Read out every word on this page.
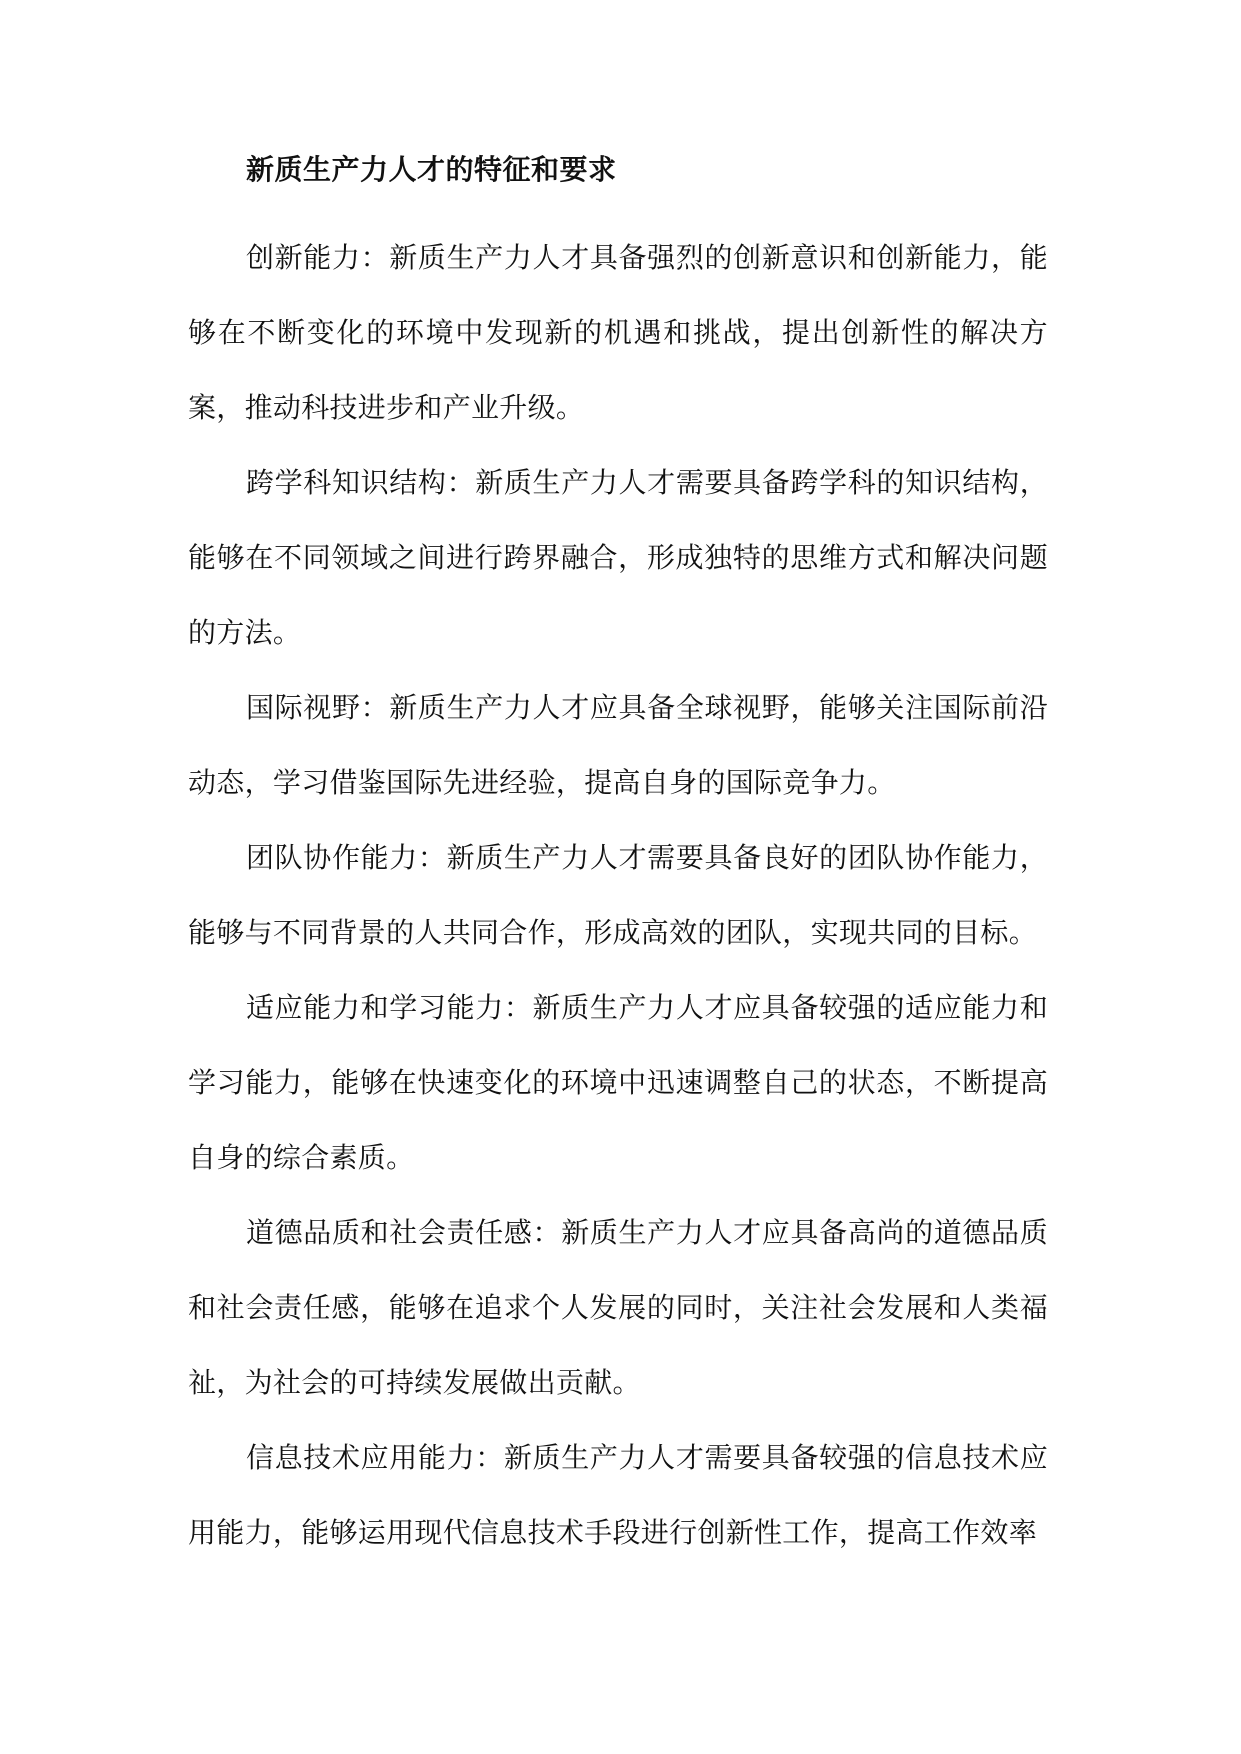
新质生产力人才的特征和要求

创新能力：新质生产力人才具备强烈的创新意识和创新能力，能够在不断变化的环境中发现新的机遇和挑战，提出创新性的解决方案，推动科技进步和产业升级。

跨学科知识结构：新质生产力人才需要具备跨学科的知识结构，能够在不同领域之间进行跨界融合，形成独特的思维方式和解决问题的方法。

国际视野：新质生产力人才应具备全球视野，能够关注国际前沿动态，学习借鉴国际先进经验，提高自身的国际竞争力。

团队协作能力：新质生产力人才需要具备良好的团队协作能力，能够与不同背景的人共同合作，形成高效的团队，实现共同的目标。

适应能力和学习能力：新质生产力人才应具备较强的适应能力和学习能力，能够在快速变化的环境中迅速调整自己的状态，不断提高自身的综合素质。

道德品质和社会责任感：新质生产力人才应具备高尚的道德品质和社会责任感，能够在追求个人发展的同时，关注社会发展和人类福祉，为社会的可持续发展做出贡献。

信息技术应用能力：新质生产力人才需要具备较强的信息技术应用能力，能够运用现代信息技术手段进行创新性工作，提高工作效率
